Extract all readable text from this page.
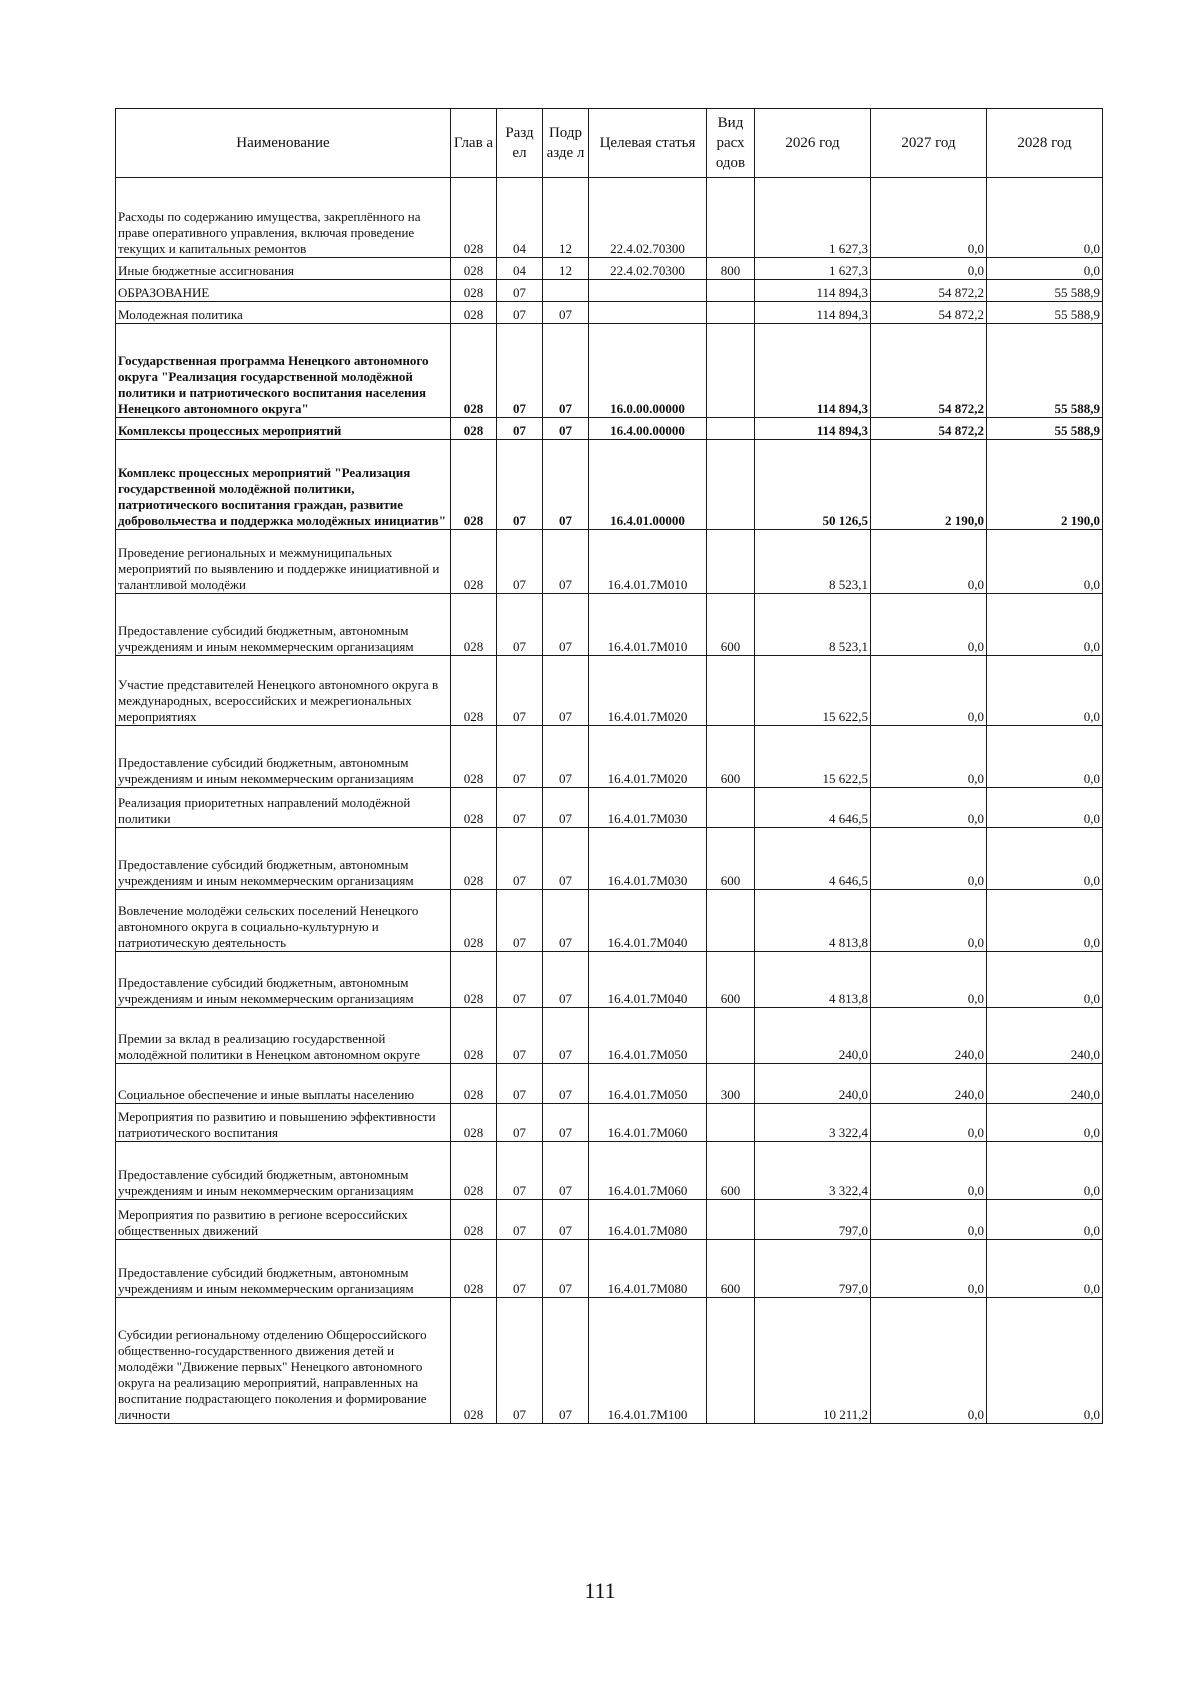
Наименование	Глав а	Разд ел	Подр азде л	Целевая статья	Вид расх одов	2026 год	2027 год	2028 год
Расходы по содержанию имущества, закреплённого на праве оперативного управления, включая проведение текущих и капитальных ремонтов	028	04	12	22.4.02.70300		1 627,3	0,0	0,0
Иные бюджетные ассигнования	028	04	12	22.4.02.70300	800	1 627,3	0,0	0,0
ОБРАЗОВАНИЕ	028	07				114 894,3	54 872,2	55 588,9
Молодежная политика	028	07	07			114 894,3	54 872,2	55 588,9
Государственная программа Ненецкого автономного округа "Реализация государственной молодёжной политики и патриотического воспитания населения Ненецкого автономного округа"	028	07	07	16.0.00.00000		114 894,3	54 872,2	55 588,9
Комплексы процессных мероприятий	028	07	07	16.4.00.00000		114 894,3	54 872,2	55 588,9
Комплекс процессных мероприятий "Реализация государственной молодёжной политики, патриотического воспитания граждан, развитие добровольчества и поддержка молодёжных инициатив"	028	07	07	16.4.01.00000		50 126,5	2 190,0	2 190,0
Проведение региональных и межмуниципальных мероприятий по выявлению и поддержке инициативной и талантливой молодёжи	028	07	07	16.4.01.7М010		8 523,1	0,0	0,0
Предоставление субсидий бюджетным, автономным учреждениям и иным некоммерческим организациям	028	07	07	16.4.01.7М010	600	8 523,1	0,0	0,0
Участие представителей Ненецкого автономного округа в международных, всероссийских и межрегиональных мероприятиях	028	07	07	16.4.01.7М020		15 622,5	0,0	0,0
Предоставление субсидий бюджетным, автономным учреждениям и иным некоммерческим организациям	028	07	07	16.4.01.7М020	600	15 622,5	0,0	0,0
Реализация приоритетных направлений молодёжной политики	028	07	07	16.4.01.7М030		4 646,5	0,0	0,0
Предоставление субсидий бюджетным, автономным учреждениям и иным некоммерческим организациям	028	07	07	16.4.01.7М030	600	4 646,5	0,0	0,0
Вовлечение молодёжи сельских поселений Ненецкого автономного округа в социально-культурную и патриотическую деятельность	028	07	07	16.4.01.7М040		4 813,8	0,0	0,0
Предоставление субсидий бюджетным, автономным учреждениям и иным некоммерческим организациям	028	07	07	16.4.01.7М040	600	4 813,8	0,0	0,0
Премии за вклад в реализацию государственной молодёжной политики в Ненецком автономном округе	028	07	07	16.4.01.7М050		240,0	240,0	240,0
Социальное обеспечение и иные выплаты населению	028	07	07	16.4.01.7М050	300	240,0	240,0	240,0
Мероприятия по развитию и повышению эффективности патриотического воспитания	028	07	07	16.4.01.7М060		3 322,4	0,0	0,0
Предоставление субсидий бюджетным, автономным учреждениям и иным некоммерческим организациям	028	07	07	16.4.01.7М060	600	3 322,4	0,0	0,0
Мероприятия по развитию в регионе всероссийских общественных движений	028	07	07	16.4.01.7М080		797,0	0,0	0,0
Предоставление субсидий бюджетным, автономным учреждениям и иным некоммерческим организациям	028	07	07	16.4.01.7М080	600	797,0	0,0	0,0
Субсидии региональному отделению Общероссийского общественно-государственного движения детей и молодёжи "Движение первых" Ненецкого автономного округа на реализацию мероприятий, направленных на воспитание подрастающего поколения и формирование личности	028	07	07	16.4.01.7М100		10 211,2	0,0	0,0
111
